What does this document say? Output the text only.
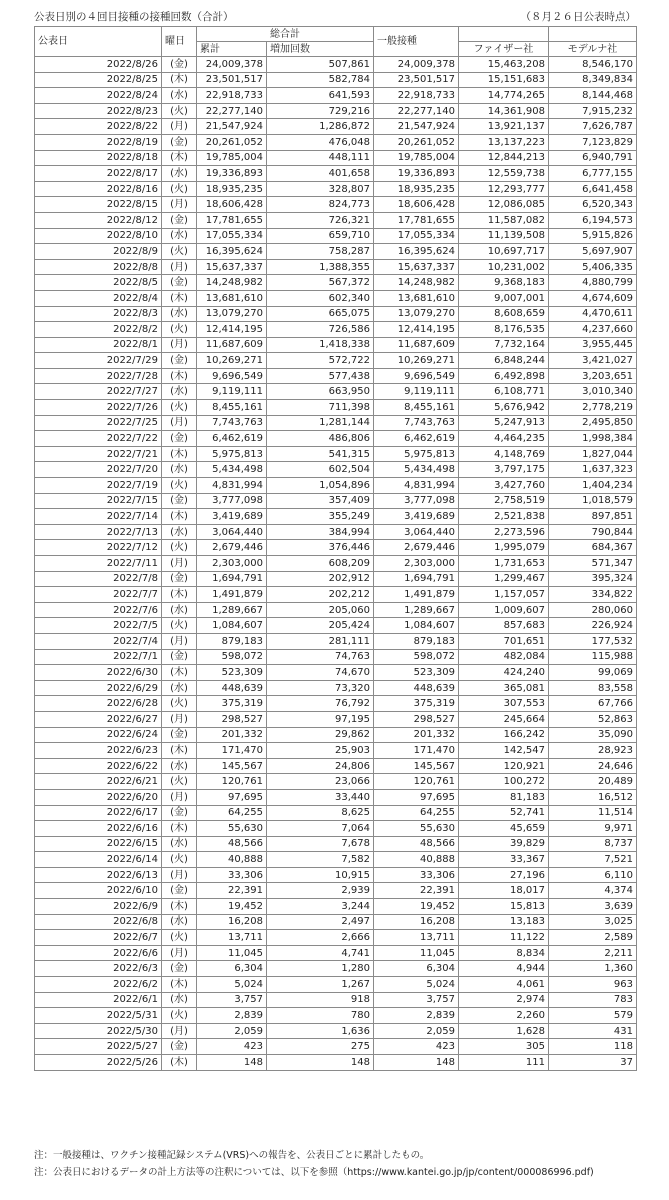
公表日別の４回目接種の接種回数（合計）	（８月２６日公表時点）
公表日	曜日	総合計		一般接種		
		累計	増加回数		ファイザー社	モデルナ社
2022/8/26	(金)	24,009,378	507,861	24,009,378	15,463,208	8,546,170
2022/8/25	(木)	23,501,517	582,784	23,501,517	15,151,683	8,349,834
2022/8/24	(水)	22,918,733	641,593	22,918,733	14,774,265	8,144,468
2022/8/23	(火)	22,277,140	729,216	22,277,140	14,361,908	7,915,232
2022/8/22	(月)	21,547,924	1,286,872	21,547,924	13,921,137	7,626,787
2022/8/19	(金)	20,261,052	476,048	20,261,052	13,137,223	7,123,829
2022/8/18	(木)	19,785,004	448,111	19,785,004	12,844,213	6,940,791
2022/8/17	(水)	19,336,893	401,658	19,336,893	12,559,738	6,777,155
2022/8/16	(火)	18,935,235	328,807	18,935,235	12,293,777	6,641,458
2022/8/15	(月)	18,606,428	824,773	18,606,428	12,086,085	6,520,343
2022/8/12	(金)	17,781,655	726,321	17,781,655	11,587,082	6,194,573
2022/8/10	(水)	17,055,334	659,710	17,055,334	11,139,508	5,915,826
2022/8/9	(火)	16,395,624	758,287	16,395,624	10,697,717	5,697,907
2022/8/8	(月)	15,637,337	1,388,355	15,637,337	10,231,002	5,406,335
2022/8/5	(金)	14,248,982	567,372	14,248,982	9,368,183	4,880,799
2022/8/4	(木)	13,681,610	602,340	13,681,610	9,007,001	4,674,609
2022/8/3	(水)	13,079,270	665,075	13,079,270	8,608,659	4,470,611
2022/8/2	(火)	12,414,195	726,586	12,414,195	8,176,535	4,237,660
2022/8/1	(月)	11,687,609	1,418,338	11,687,609	7,732,164	3,955,445
2022/7/29	(金)	10,269,271	572,722	10,269,271	6,848,244	3,421,027
2022/7/28	(木)	9,696,549	577,438	9,696,549	6,492,898	3,203,651
2022/7/27	(水)	9,119,111	663,950	9,119,111	6,108,771	3,010,340
2022/7/26	(火)	8,455,161	711,398	8,455,161	5,676,942	2,778,219
2022/7/25	(月)	7,743,763	1,281,144	7,743,763	5,247,913	2,495,850
2022/7/22	(金)	6,462,619	486,806	6,462,619	4,464,235	1,998,384
2022/7/21	(木)	5,975,813	541,315	5,975,813	4,148,769	1,827,044
2022/7/20	(水)	5,434,498	602,504	5,434,498	3,797,175	1,637,323
2022/7/19	(火)	4,831,994	1,054,896	4,831,994	3,427,760	1,404,234
2022/7/15	(金)	3,777,098	357,409	3,777,098	2,758,519	1,018,579
2022/7/14	(木)	3,419,689	355,249	3,419,689	2,521,838	897,851
2022/7/13	(水)	3,064,440	384,994	3,064,440	2,273,596	790,844
2022/7/12	(火)	2,679,446	376,446	2,679,446	1,995,079	684,367
2022/7/11	(月)	2,303,000	608,209	2,303,000	1,731,653	571,347
2022/7/8	(金)	1,694,791	202,912	1,694,791	1,299,467	395,324
2022/7/7	(木)	1,491,879	202,212	1,491,879	1,157,057	334,822
2022/7/6	(水)	1,289,667	205,060	1,289,667	1,009,607	280,060
2022/7/5	(火)	1,084,607	205,424	1,084,607	857,683	226,924
2022/7/4	(月)	879,183	281,111	879,183	701,651	177,532
2022/7/1	(金)	598,072	74,763	598,072	482,084	115,988
2022/6/30	(木)	523,309	74,670	523,309	424,240	99,069
2022/6/29	(水)	448,639	73,320	448,639	365,081	83,558
2022/6/28	(火)	375,319	76,792	375,319	307,553	67,766
2022/6/27	(月)	298,527	97,195	298,527	245,664	52,863
2022/6/24	(金)	201,332	29,862	201,332	166,242	35,090
2022/6/23	(木)	171,470	25,903	171,470	142,547	28,923
2022/6/22	(水)	145,567	24,806	145,567	120,921	24,646
2022/6/21	(火)	120,761	23,066	120,761	100,272	20,489
2022/6/20	(月)	97,695	33,440	97,695	81,183	16,512
2022/6/17	(金)	64,255	8,625	64,255	52,741	11,514
2022/6/16	(木)	55,630	7,064	55,630	45,659	9,971
2022/6/15	(水)	48,566	7,678	48,566	39,829	8,737
2022/6/14	(火)	40,888	7,582	40,888	33,367	7,521
2022/6/13	(月)	33,306	10,915	33,306	27,196	6,110
2022/6/10	(金)	22,391	2,939	22,391	18,017	4,374
2022/6/9	(木)	19,452	3,244	19,452	15,813	3,639
2022/6/8	(水)	16,208	2,497	16,208	13,183	3,025
2022/6/7	(火)	13,711	2,666	13,711	11,122	2,589
2022/6/6	(月)	11,045	4,741	11,045	8,834	2,211
2022/6/3	(金)	6,304	1,280	6,304	4,944	1,360
2022/6/2	(木)	5,024	1,267	5,024	4,061	963
2022/6/1	(水)	3,757	918	3,757	2,974	783
2022/5/31	(火)	2,839	780	2,839	2,260	579
2022/5/30	(月)	2,059	1,636	2,059	1,628	431
2022/5/27	(金)	423	275	423	305	118
2022/5/26	(木)	148	148	148	111	37
注：一般接種は、ワクチン接種記録システム(VRS)への報告を、公表日ごとに累計したもの。
注：公表日におけるデータの計上方法等の注釈については、以下を参照（https://www.kantei.go.jp/jp/content/000086996.pdf)
